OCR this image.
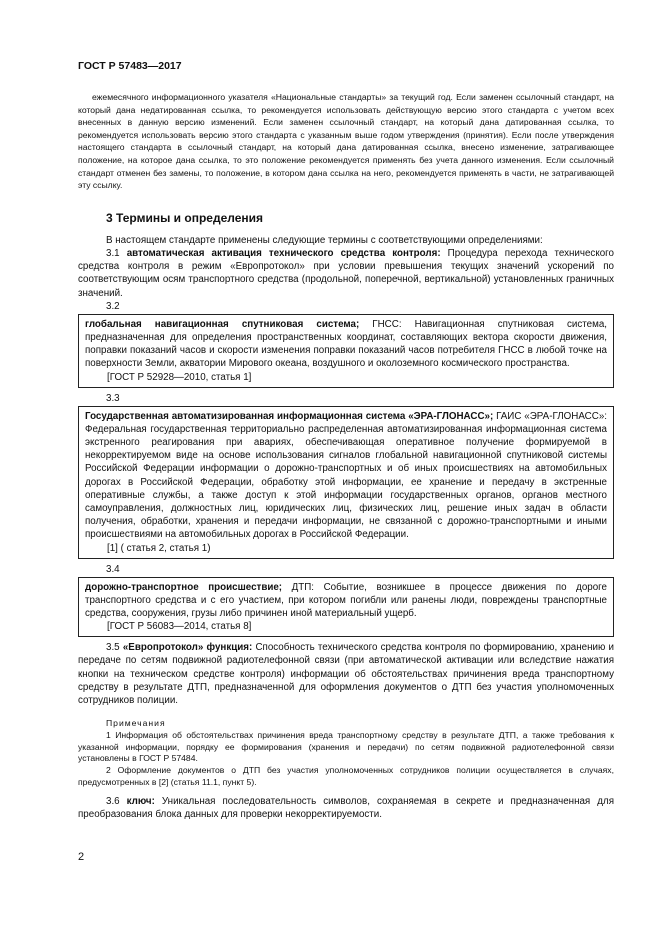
ГОСТ Р 57483—2017

ежемесячного информационного указателя «Национальные стандарты» за текущий год. Если заменен ссылочный стандарт, на который дана недатированная ссылка, то рекомендуется использовать действующую версию этого стандарта с учетом всех внесенных в данную версию изменений. Если заменен ссылочный стандарт, на который дана датированная ссылка, то рекомендуется использовать версию этого стандарта с указанным выше годом утверждения (принятия). Если после утверждения настоящего стандарта в ссылочный стандарт, на который дана датированная ссылка, внесено изменение, затрагивающее положение, на которое дана ссылка, то это положение рекомендуется применять без учета данного изменения. Если ссылочный стандарт отменен без замены, то положение, в котором дана ссылка на него, рекомендуется применять в части, не затрагивающей эту ссылку.

3 Термины и определения

В настоящем стандарте применены следующие термины с соответствующими определениями:

3.1 автоматическая активация технического средства контроля: Процедура перехода технического средства контроля в режим «Европротокол» при условии превышения текущих значений ускорений по соответствующим осям транспортного средства (продольной, поперечной, вертикальной) установленных граничных значений.

3.2

глобальная навигационная спутниковая система; ГНСС: Навигационная спутниковая система, предназначенная для определения пространственных координат, составляющих вектора скорости движения, поправки показаний часов и скорости изменения поправки показаний часов потребителя ГНСС в любой точке на поверхности Земли, акватории Мирового океана, воздушного и околоземного космического пространства.

[ГОСТ Р 52928—2010, статья 1]
3.3

Государственная автоматизированная информационная система «ЭРА-ГЛОНАСС»; ГАИС «ЭРА-ГЛОНАСС»: Федеральная государственная территориально распределенная автоматизированная информационная система экстренного реагирования при авариях, обеспечивающая оперативное получение формируемой в некорректируемом виде на основе использования сигналов глобальной навигационной спутниковой системы Российской Федерации информации о дорожно-транспортных и об иных происшествиях на автомобильных дорогах в Российской Федерации, обработку этой информации, ее хранение и передачу в экстренные оперативные службы, а также доступ к этой информации государственных органов, органов местного самоуправления, должностных лиц, юридических лиц, физических лиц, решение иных задач в области получения, обработки, хранения и передачи информации, не связанной с дорожно-транспортными и иными происшествиями на автомобильных дорогах в Российской Федерации.

[1] ( статья 2, статья 1)
3.4

дорожно-транспортное происшествие; ДТП: Событие, возникшее в процессе движения по дороге транспортного средства и с его участием, при котором погибли или ранены люди, повреждены транспортные средства, сооружения, грузы либо причинен иной материальный ущерб.

[ГОСТ Р 56083—2014, статья 8]

3.5 «Европротокол» функция: Способность технического средства контроля по формированию, хранению и передаче по сетям подвижной радиотелефонной связи (при автоматической активации или вследствие нажатия кнопки на техническом средстве контроля) информации об обстоятельствах причинения вреда транспортному средству в результате ДТП, предназначенной для оформления документов о ДТП без участия уполномоченных сотрудников полиции.

Примечания

1 Информация об обстоятельствах причинения вреда транспортному средству в результате ДТП, а также требования к указанной информации, порядку ее формирования (хранения и передачи) по сетям подвижной радиотелефонной связи установлены в ГОСТ Р 57484.

2 Оформление документов о ДТП без участия уполномоченных сотрудников полиции осуществляется в случаях, предусмотренных в [2] (статья 11.1, пункт 5).

3.6 ключ: Уникальная последовательность символов, сохраняемая в секрете и предназначенная для преобразования блока данных для проверки некорректируемости.

2
